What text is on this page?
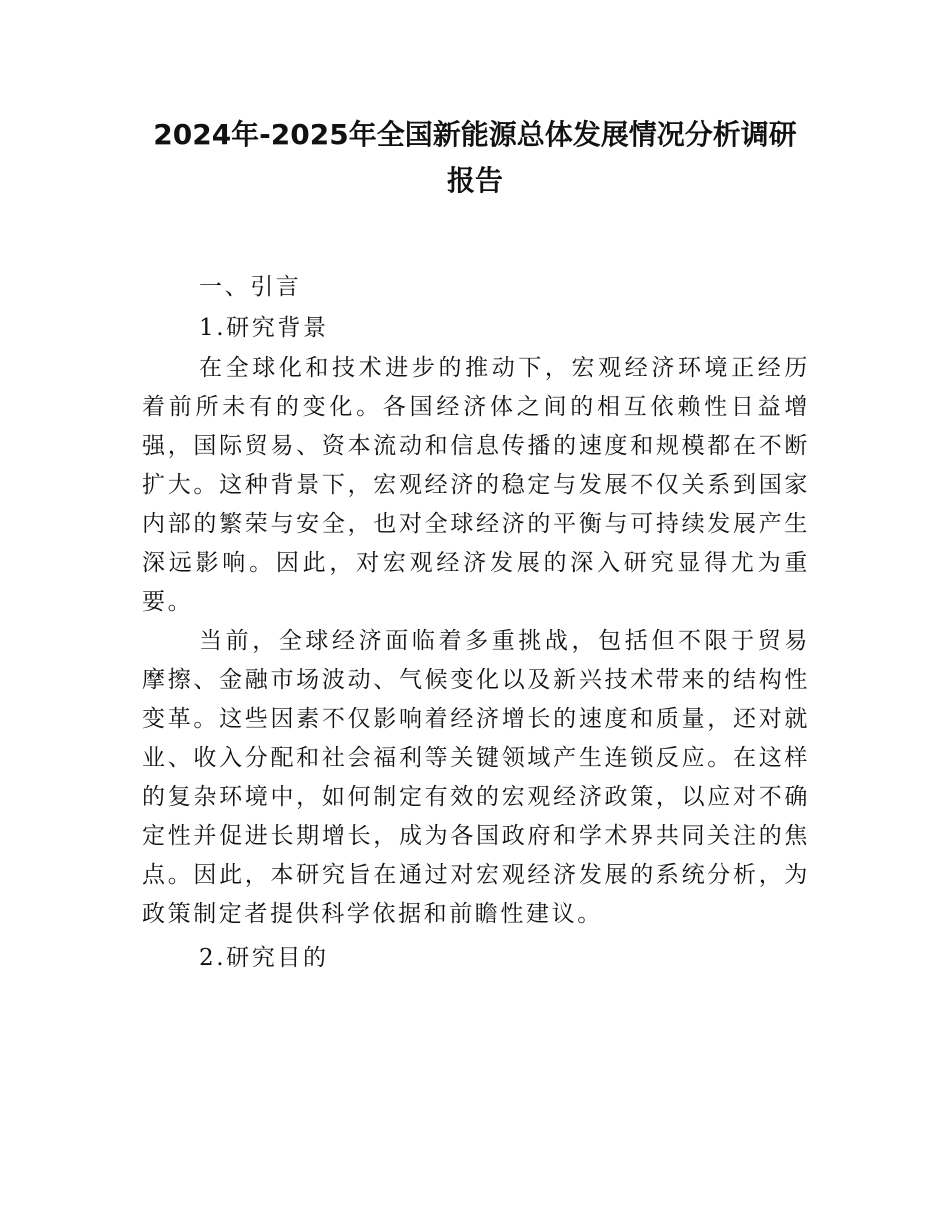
2024年-2025年全国新能源总体发展情况分析调研报告

一、引言

1.研究背景

在全球化和技术进步的推动下，宏观经济环境正经历着前所未有的变化。各国经济体之间的相互依赖性日益增强，国际贸易、资本流动和信息传播的速度和规模都在不断扩大。这种背景下，宏观经济的稳定与发展不仅关系到国家内部的繁荣与安全，也对全球经济的平衡与可持续发展产生深远影响。因此，对宏观经济发展的深入研究显得尤为重要。

当前，全球经济面临着多重挑战，包括但不限于贸易摩擦、金融市场波动、气候变化以及新兴技术带来的结构性变革。这些因素不仅影响着经济增长的速度和质量，还对就业、收入分配和社会福利等关键领域产生连锁反应。在这样的复杂环境中，如何制定有效的宏观经济政策，以应对不确定性并促进长期增长，成为各国政府和学术界共同关注的焦点。因此，本研究旨在通过对宏观经济发展的系统分析，为政策制定者提供科学依据和前瞻性建议。

2.研究目的
